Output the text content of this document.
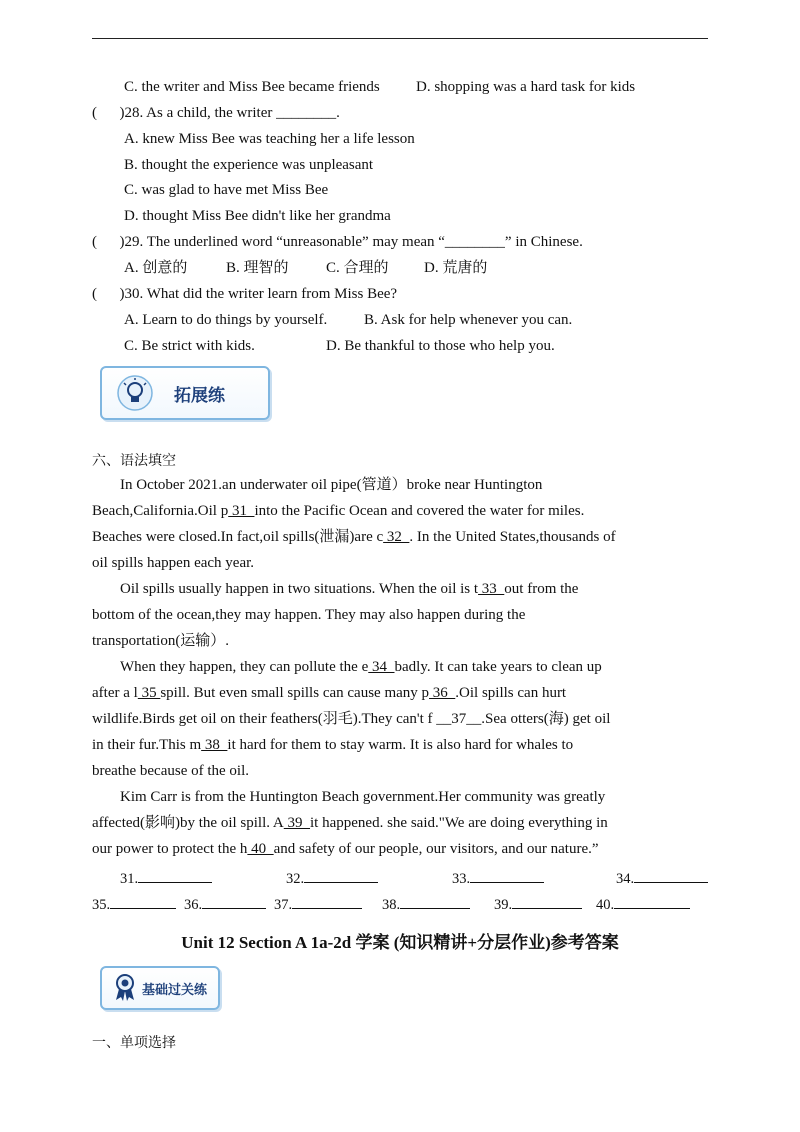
C. the writer and Miss Bee became friends D. shopping was a hard task for kids
(      )28. As a child, the writer ________.
A. knew Miss Bee was teaching her a life lesson
B. thought the experience was unpleasant
C. was glad to have met Miss Bee
D. thought Miss Bee didn't like her grandma
(      )29. The underlined word “unreasonable” may mean “________” in Chinese.
A. 创意的	B. 理智的 C. 合理的 D. 荒唐的
(      )30. What did the writer learn from Miss Bee?
A. Learn to do things by yourself. B. Ask for help whenever you can.
C. Be strict with kids.	D. Be thankful to those who help you.
拓展练
六、语法填空
In October 2021.an underwater oil pipe(管道）broke near Huntington
Beach,California.Oil p 31  into the Pacific Ocean and covered the water for miles.
Beaches were closed.In fact,oil spills(泄漏)are c 32  . In the United States,thousands of
oil spills happen each year.
Oil spills usually happen in two situations. When the oil is t 33  out from the
bottom of the ocean,they may happen. They may also happen during the
transportation(运输）.
When they happen, they can pollute the e 34  badly. It can take years to clean up
after a l 35 spill. But even small spills can cause many p 36  .Oil spills can hurt
wildlife.Birds get oil on their feathers(羽毛).They can't f __37__.Sea otters(海) get oil
in their fur.This m 38  it hard for them to stay warm. It is also hard for whales to
breathe because of the oil.
Kim Carr is from the Huntington Beach government.Her community was greatly
affected(影响)by the oil spill. A 39  it happened. she said."We are doing everything in
our power to protect the h 40  and safety of our people, our visitors, and our nature.”
31.	32.	33.	34.
35.	36.	37.	38.	39.	40.
Unit 12 Section A 1a-2d 学案 (知识精讲+分层作业)参考答案
基础过关练
一、单项选择
